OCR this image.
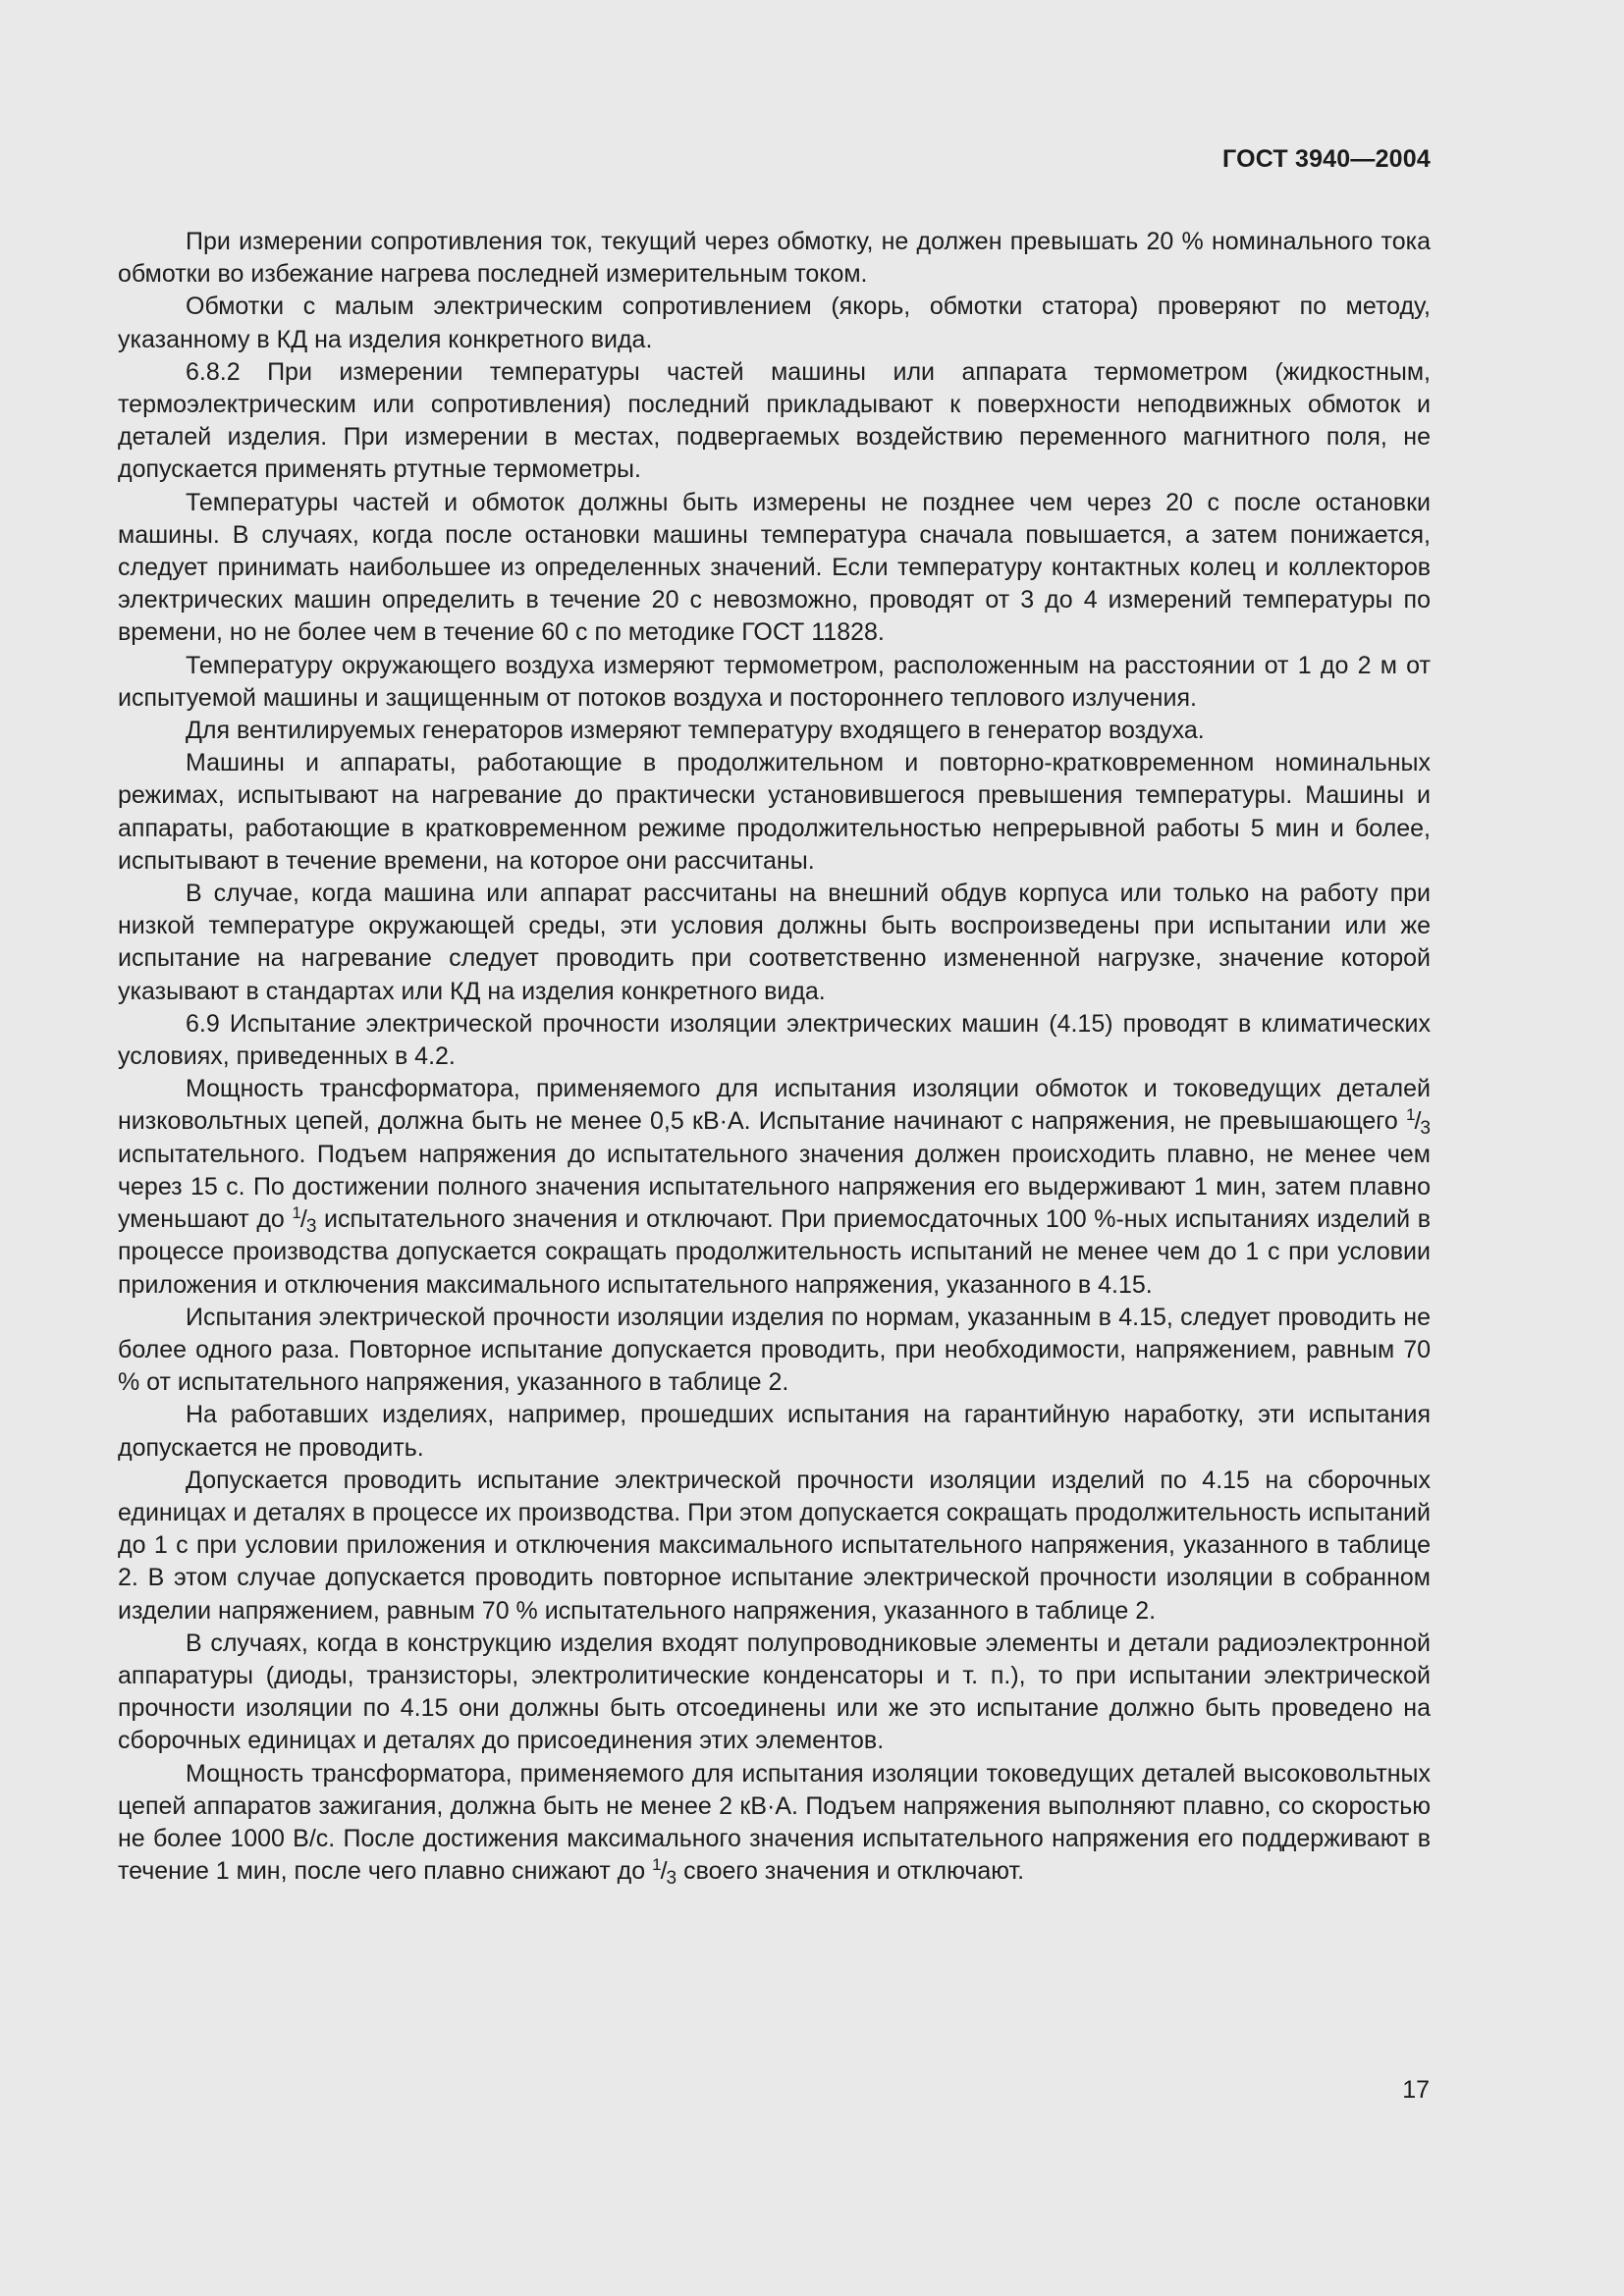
ГОСТ 3940—2004

При измерении сопротивления ток, текущий через обмотку, не должен превышать 20 % номинального тока обмотки во избежание нагрева последней измерительным током.

Обмотки с малым электрическим сопротивлением (якорь, обмотки статора) проверяют по методу, указанному в КД на изделия конкретного вида.

6.8.2 При измерении температуры частей машины или аппарата термометром (жидкостным, термоэлектрическим или сопротивления) последний прикладывают к поверхности неподвижных обмоток и деталей изделия. При измерении в местах, подвергаемых воздействию переменного магнитного поля, не допускается применять ртутные термометры.

Температуры частей и обмоток должны быть измерены не позднее чем через 20 с после остановки машины. В случаях, когда после остановки машины температура сначала повышается, а затем понижается, следует принимать наибольшее из определенных значений. Если температуру контактных колец и коллекторов электрических машин определить в течение 20 с невозможно, проводят от 3 до 4 измерений температуры по времени, но не более чем в течение 60 с по методике ГОСТ 11828.

Температуру окружающего воздуха измеряют термометром, расположенным на расстоянии от 1 до 2 м от испытуемой машины и защищенным от потоков воздуха и постороннего теплового излучения.

Для вентилируемых генераторов измеряют температуру входящего в генератор воздуха.

Машины и аппараты, работающие в продолжительном и повторно-кратковременном номинальных режимах, испытывают на нагревание до практически установившегося превышения температуры. Машины и аппараты, работающие в кратковременном режиме продолжительностью непрерывной работы 5 мин и более, испытывают в течение времени, на которое они рассчитаны.

В случае, когда машина или аппарат рассчитаны на внешний обдув корпуса или только на работу при низкой температуре окружающей среды, эти условия должны быть воспроизведены при испытании или же испытание на нагревание следует проводить при соответственно измененной нагрузке, значение которой указывают в стандартах или КД на изделия конкретного вида.

6.9 Испытание электрической прочности изоляции электрических машин (4.15) проводят в климатических условиях, приведенных в 4.2.

Мощность трансформатора, применяемого для испытания изоляции обмоток и токоведущих деталей низковольтных цепей, должна быть не менее 0,5 кВ·А. Испытание начинают с напряжения, не превышающего $^1/_3$ испытательного. Подъем напряжения до испытательного значения должен происходить плавно, не менее чем через 15 с. По достижении полного значения испытательного напряжения его выдерживают 1 мин, затем плавно уменьшают до $^1/_3$ испытательного значения и отключают. При приемосдаточных 100 %-ных испытаниях изделий в процессе производства допускается сокращать продолжительность испытаний не менее чем до 1 с при условии приложения и отключения максимального испытательного напряжения, указанного в 4.15.

Испытания электрической прочности изоляции изделия по нормам, указанным в 4.15, следует проводить не более одного раза. Повторное испытание допускается проводить, при необходимости, напряжением, равным 70 % от испытательного напряжения, указанного в таблице 2.

На работавших изделиях, например, прошедших испытания на гарантийную наработку, эти испытания допускается не проводить.

Допускается проводить испытание электрической прочности изоляции изделий по 4.15 на сборочных единицах и деталях в процессе их производства. При этом допускается сокращать продолжительность испытаний до 1 с при условии приложения и отключения максимального испытательного напряжения, указанного в таблице 2. В этом случае допускается проводить повторное испытание электрической прочности изоляции в собранном изделии напряжением, равным 70 % испытательного напряжения, указанного в таблице 2.

В случаях, когда в конструкцию изделия входят полупроводниковые элементы и детали радиоэлектронной аппаратуры (диоды, транзисторы, электролитические конденсаторы и т. п.), то при испытании электрической прочности изоляции по 4.15 они должны быть отсоединены или же это испытание должно быть проведено на сборочных единицах и деталях до присоединения этих элементов.

Мощность трансформатора, применяемого для испытания изоляции токоведущих деталей высоковольтных цепей аппаратов зажигания, должна быть не менее 2 кВ·А. Подъем напряжения выполняют плавно, со скоростью не более 1000 В/с. После достижения максимального значения испытательного напряжения его поддерживают в течение 1 мин, после чего плавно снижают до $^1/_3$ своего значения и отключают.

17
